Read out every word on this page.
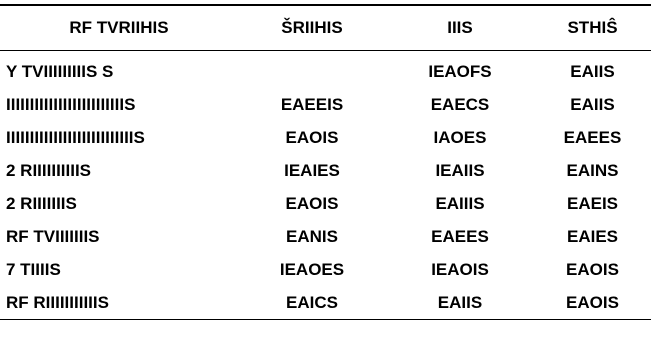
RF TVRIIHIS	ŠRIIHIS	IIIS	STHIŜ
Y TVIIIIIIIIIS S		IEAOFS	EAIIS
IIIIIIIIIIIIIIIIIIIIIIIIIS	EAEEIS	EAECS	EAIIS
IIIIIIIIIIIIIIIIIIIIIIIIIIIS	EAOIS	IAOES	EAEES
2 RIIIIIIIIIIS	IEAIES	IEAIIS	EAINS
2 RIIIIIIIS	EAOIS	EAIIIS	EAEIS
RF TVIIIIIIIS	EANIS	EAEES	EAIES
7 TIIIIS	IEAOES	IEAOIS	EAOIS
RF RIIIIIIIIIIIS	EAICS	EAIIS	EAOIS
